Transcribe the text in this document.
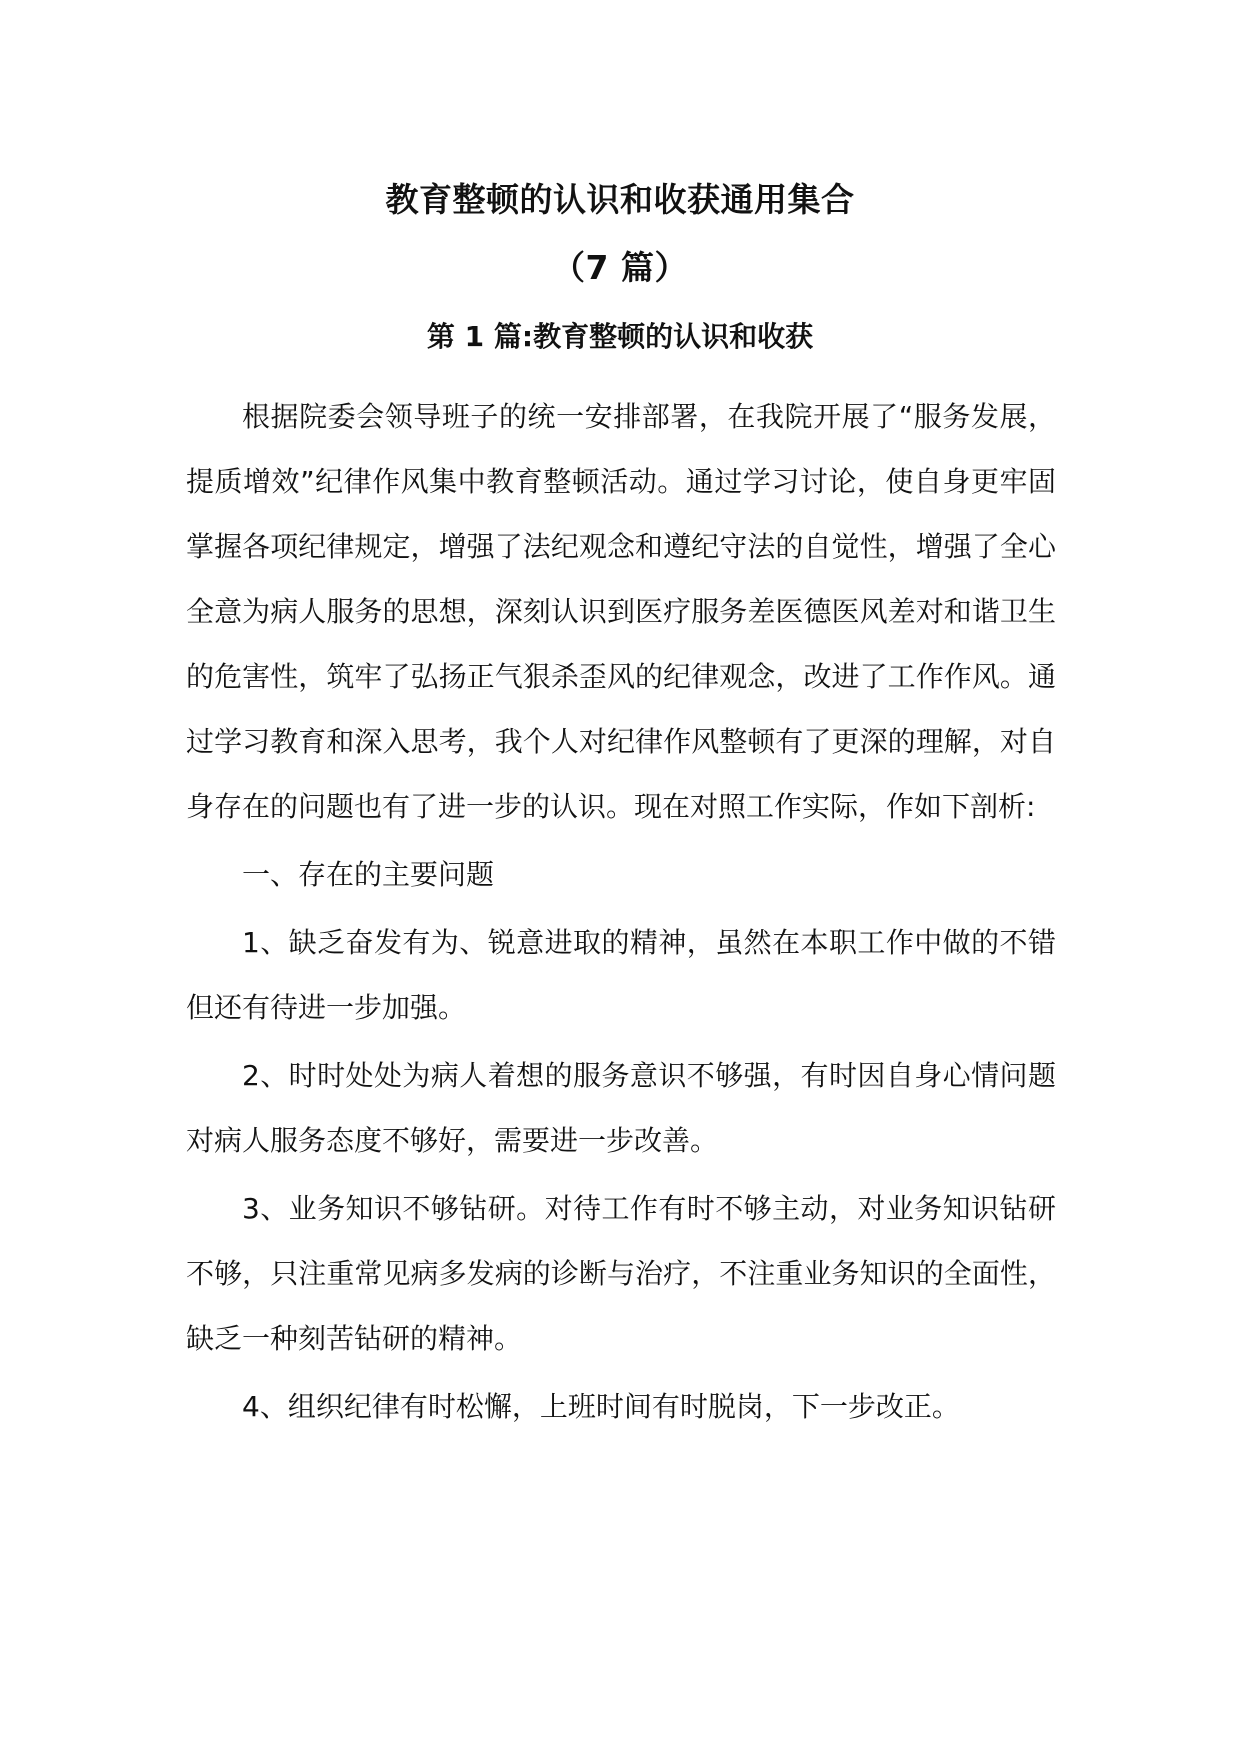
教育整顿的认识和收获通用集合
（7 篇）
第 1 篇:教育整顿的认识和收获

根据院委会领导班子的统一安排部署，在我院开展了“服务发展，提质增效”纪律作风集中教育整顿活动。通过学习讨论，使自身更牢固掌握各项纪律规定，增强了法纪观念和遵纪守法的自觉性，增强了全心全意为病人服务的思想，深刻认识到医疗服务差医德医风差对和谐卫生的危害性，筑牢了弘扬正气狠杀歪风的纪律观念，改进了工作作风。通过学习教育和深入思考，我个人对纪律作风整顿有了更深的理解，对自身存在的问题也有了进一步的认识。现在对照工作实际，作如下剖析:

一、存在的主要问题

1、缺乏奋发有为、锐意进取的精神，虽然在本职工作中做的不错但还有待进一步加强。

2、时时处处为病人着想的服务意识不够强，有时因自身心情问题对病人服务态度不够好，需要进一步改善。

3、业务知识不够钻研。对待工作有时不够主动，对业务知识钻研不够，只注重常见病多发病的诊断与治疗，不注重业务知识的全面性，缺乏一种刻苦钻研的精神。

4、组织纪律有时松懈，上班时间有时脱岗，下一步改正。
